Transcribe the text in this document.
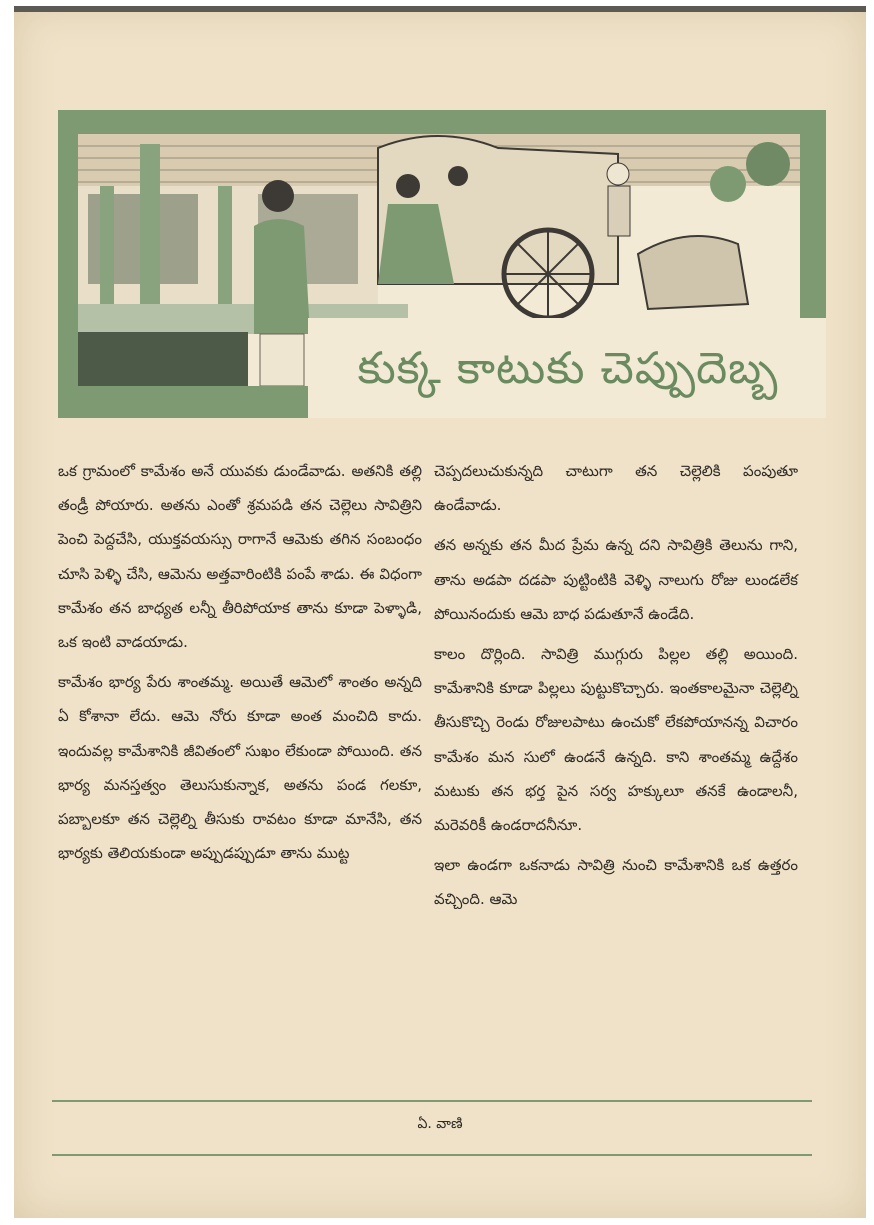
కుక్క కాటుకు చెప్పుదెబ్బ

ఒక గ్రామంలో కామేశం అనే యువకు డుండేవాడు. అతనికి తల్లి తండ్రీ పోయారు. అతను ఎంతో శ్రమపడి తన చెల్లెలు సావిత్రిని పెంచి పెద్దచేసి, యుక్తవయస్సు రాగానే ఆమెకు తగిన సంబంధం చూసి పెళ్ళి చేసి, ఆమెను అత్తవారింటికి పంపే శాడు. ఈ విధంగా కామేశం తన బాధ్యత లన్నీ తీరిపోయాక తాను కూడా పెళ్ళాడి, ఒక ఇంటి వాడయాడు.

కామేశం భార్య పేరు శాంతమ్మ. అయితే ఆమెలో శాంతం అన్నది ఏ కోశానా లేదు. ఆమె నోరు కూడా అంత మంచిది కాదు. ఇందువల్ల కామేశానికి జీవితంలో సుఖం లేకుండా పోయింది. తన భార్య మనస్తత్వం తెలుసుకున్నాక, అతను పండ గలకూ, పబ్బాలకూ తన చెల్లెల్ని తీసుకు రావటం కూడా మానేసి, తన భార్యకు తెలియకుండా అప్పుడప్పుడూ తాను ముట్ట

చెప్పదలుచుకున్నది చాటుగా తన చెల్లెలికి పంపుతూ ఉండేవాడు.

తన అన్నకు తన మీద ప్రేమ ఉన్న దని సావిత్రికి తెలును గాని, తాను అడపా దడపా పుట్టింటికి వెళ్ళి నాలుగు రోజు లుండలేక పోయినందుకు ఆమె బాధ పడుతూనే ఉండేది.

కాలం దొర్లింది. సావిత్రి ముగ్గురు పిల్లల తల్లి అయింది. కామేశానికి కూడా పిల్లలు పుట్టుకొచ్చారు. ఇంతకాలమైనా చెల్లెల్ని తీసుకొచ్చి రెండు రోజులపాటు ఉంచుకో లేకపోయానన్న విచారం కామేశం మన సులో ఉండనే ఉన్నది. కాని శాంతమ్మ ఉద్దేశం మటుకు తన భర్త పైన సర్వ హక్కులూ తనకే ఉండాలనీ, మరెవరికీ ఉండరాదనీనూ.

ఇలా ఉండగా ఒకనాడు సావిత్రి నుంచి కామేశానికి ఒక ఉత్తరం వచ్చింది. ఆమె

ఏ. వాణి
